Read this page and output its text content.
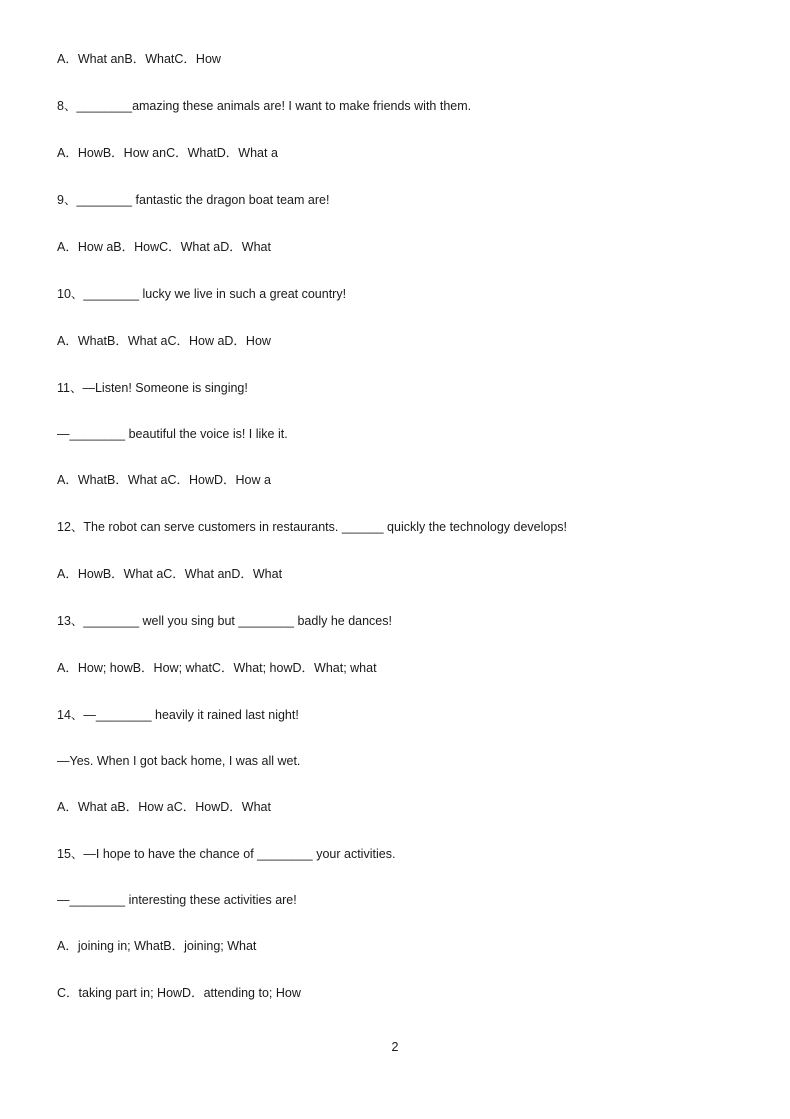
A．What anB．WhatC．How
8、________amazing these animals are! I want to make friends with them.
A．HowB．How anC．WhatD．What a
9、________ fantastic the dragon boat team are!
A．How aB．HowC．What aD．What
10、________ lucky we live in such a great country!
A．WhatB．What aC．How aD．How
11、—Listen! Someone is singing!
—________ beautiful the voice is! I like it.
A．WhatB．What aC．HowD．How a
12、The robot can serve customers in restaurants. ______ quickly the technology develops!
A．HowB．What aC．What anD．What
13、________ well you sing but ________ badly he dances!
A．How; howB．How; whatC．What; howD．What; what
14、—________ heavily it rained last night!
—Yes. When I got back home, I was all wet.
A．What aB．How aC．HowD．What
15、—I hope to have the chance of ________ your activities.
—________ interesting these activities are!
A．joining in; WhatB．joining; What
C．taking part in; HowD．attending to; How
2
